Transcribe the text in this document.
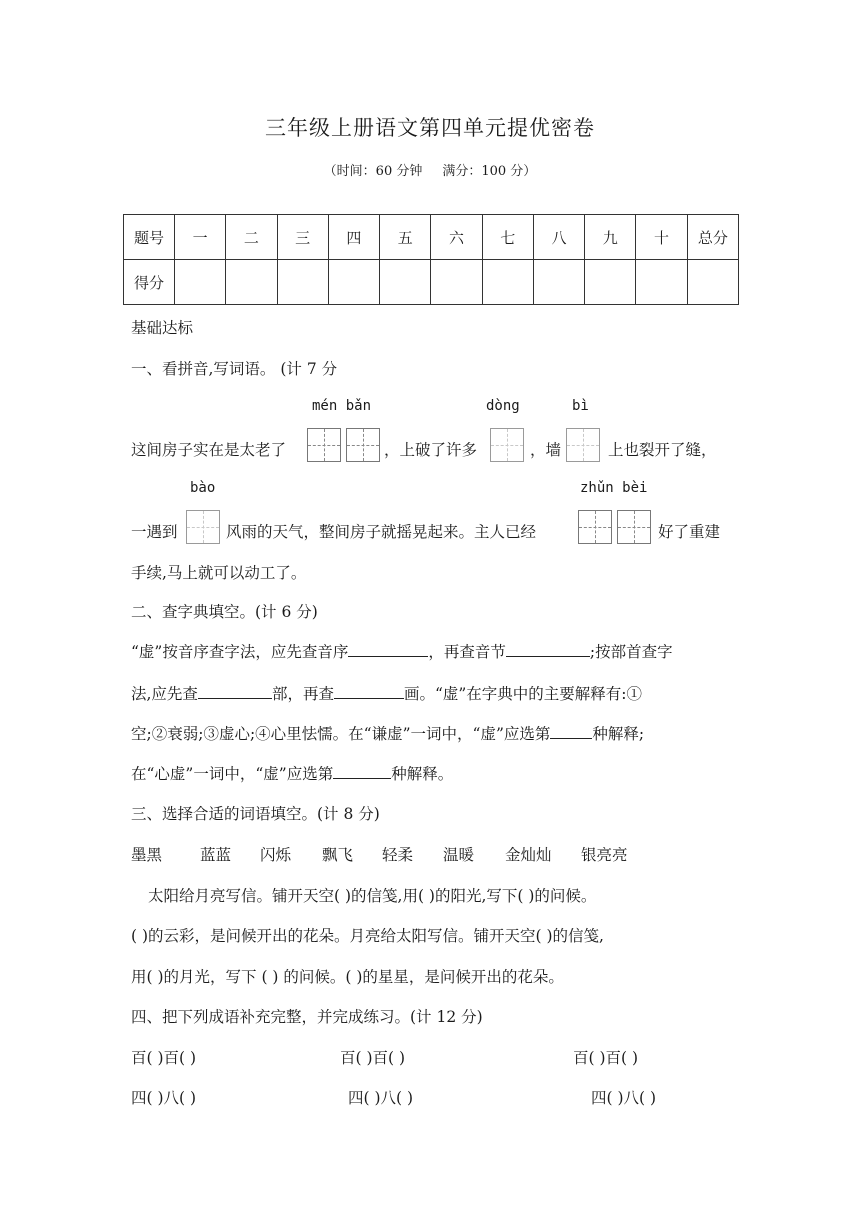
三年级上册语文第四单元提优密卷
（时间：60 分钟 满分：100 分）
题号	一	二	三	四	五	六	七	八	九	十	总分
得分											
基础达标
一、看拼音,写词语。 (计 7 分
mén bǎn	dòng	bì
这间房子实在是太老了	，上破了许多	，墙	上也裂开了缝，
bào	zhǔn bèi
一遇到	风雨的天气，整间房子就摇晃起来。主人已经	好了重建
手续,马上就可以动工了。
二、查字典填空。(计 6 分)
“虚”按音序查字法，应先查音序	，再查音节	;按部首查字
法,应先查	部，再查	画。“虚”在字典中的主要解释有:①
空;②衰弱;③虚心;④心里怯懦。在“谦虚”一词中，“虚”应选第	种解释;
在“心虚”一词中，“虚”应选第	种解释。
三、选择合适的词语填空。(计 8 分)
墨黑 蓝蓝 闪烁 飘飞 轻柔 温暖 金灿灿 银亮亮
太阳给月亮写信。铺开天空( )的信笺,用( )的阳光,写下( )的问候。
( )的云彩，是问候开出的花朵。月亮给太阳写信。铺开天空( )的信笺,
用( )的月光，写下 ( ) 的问候。( )的星星，是问候开出的花朵。
四、把下列成语补充完整，并完成练习。(计 12 分)
百( )百( )	百( )百( )	百( )百( )
四( )八( )	四( )八( )	四( )八( )
